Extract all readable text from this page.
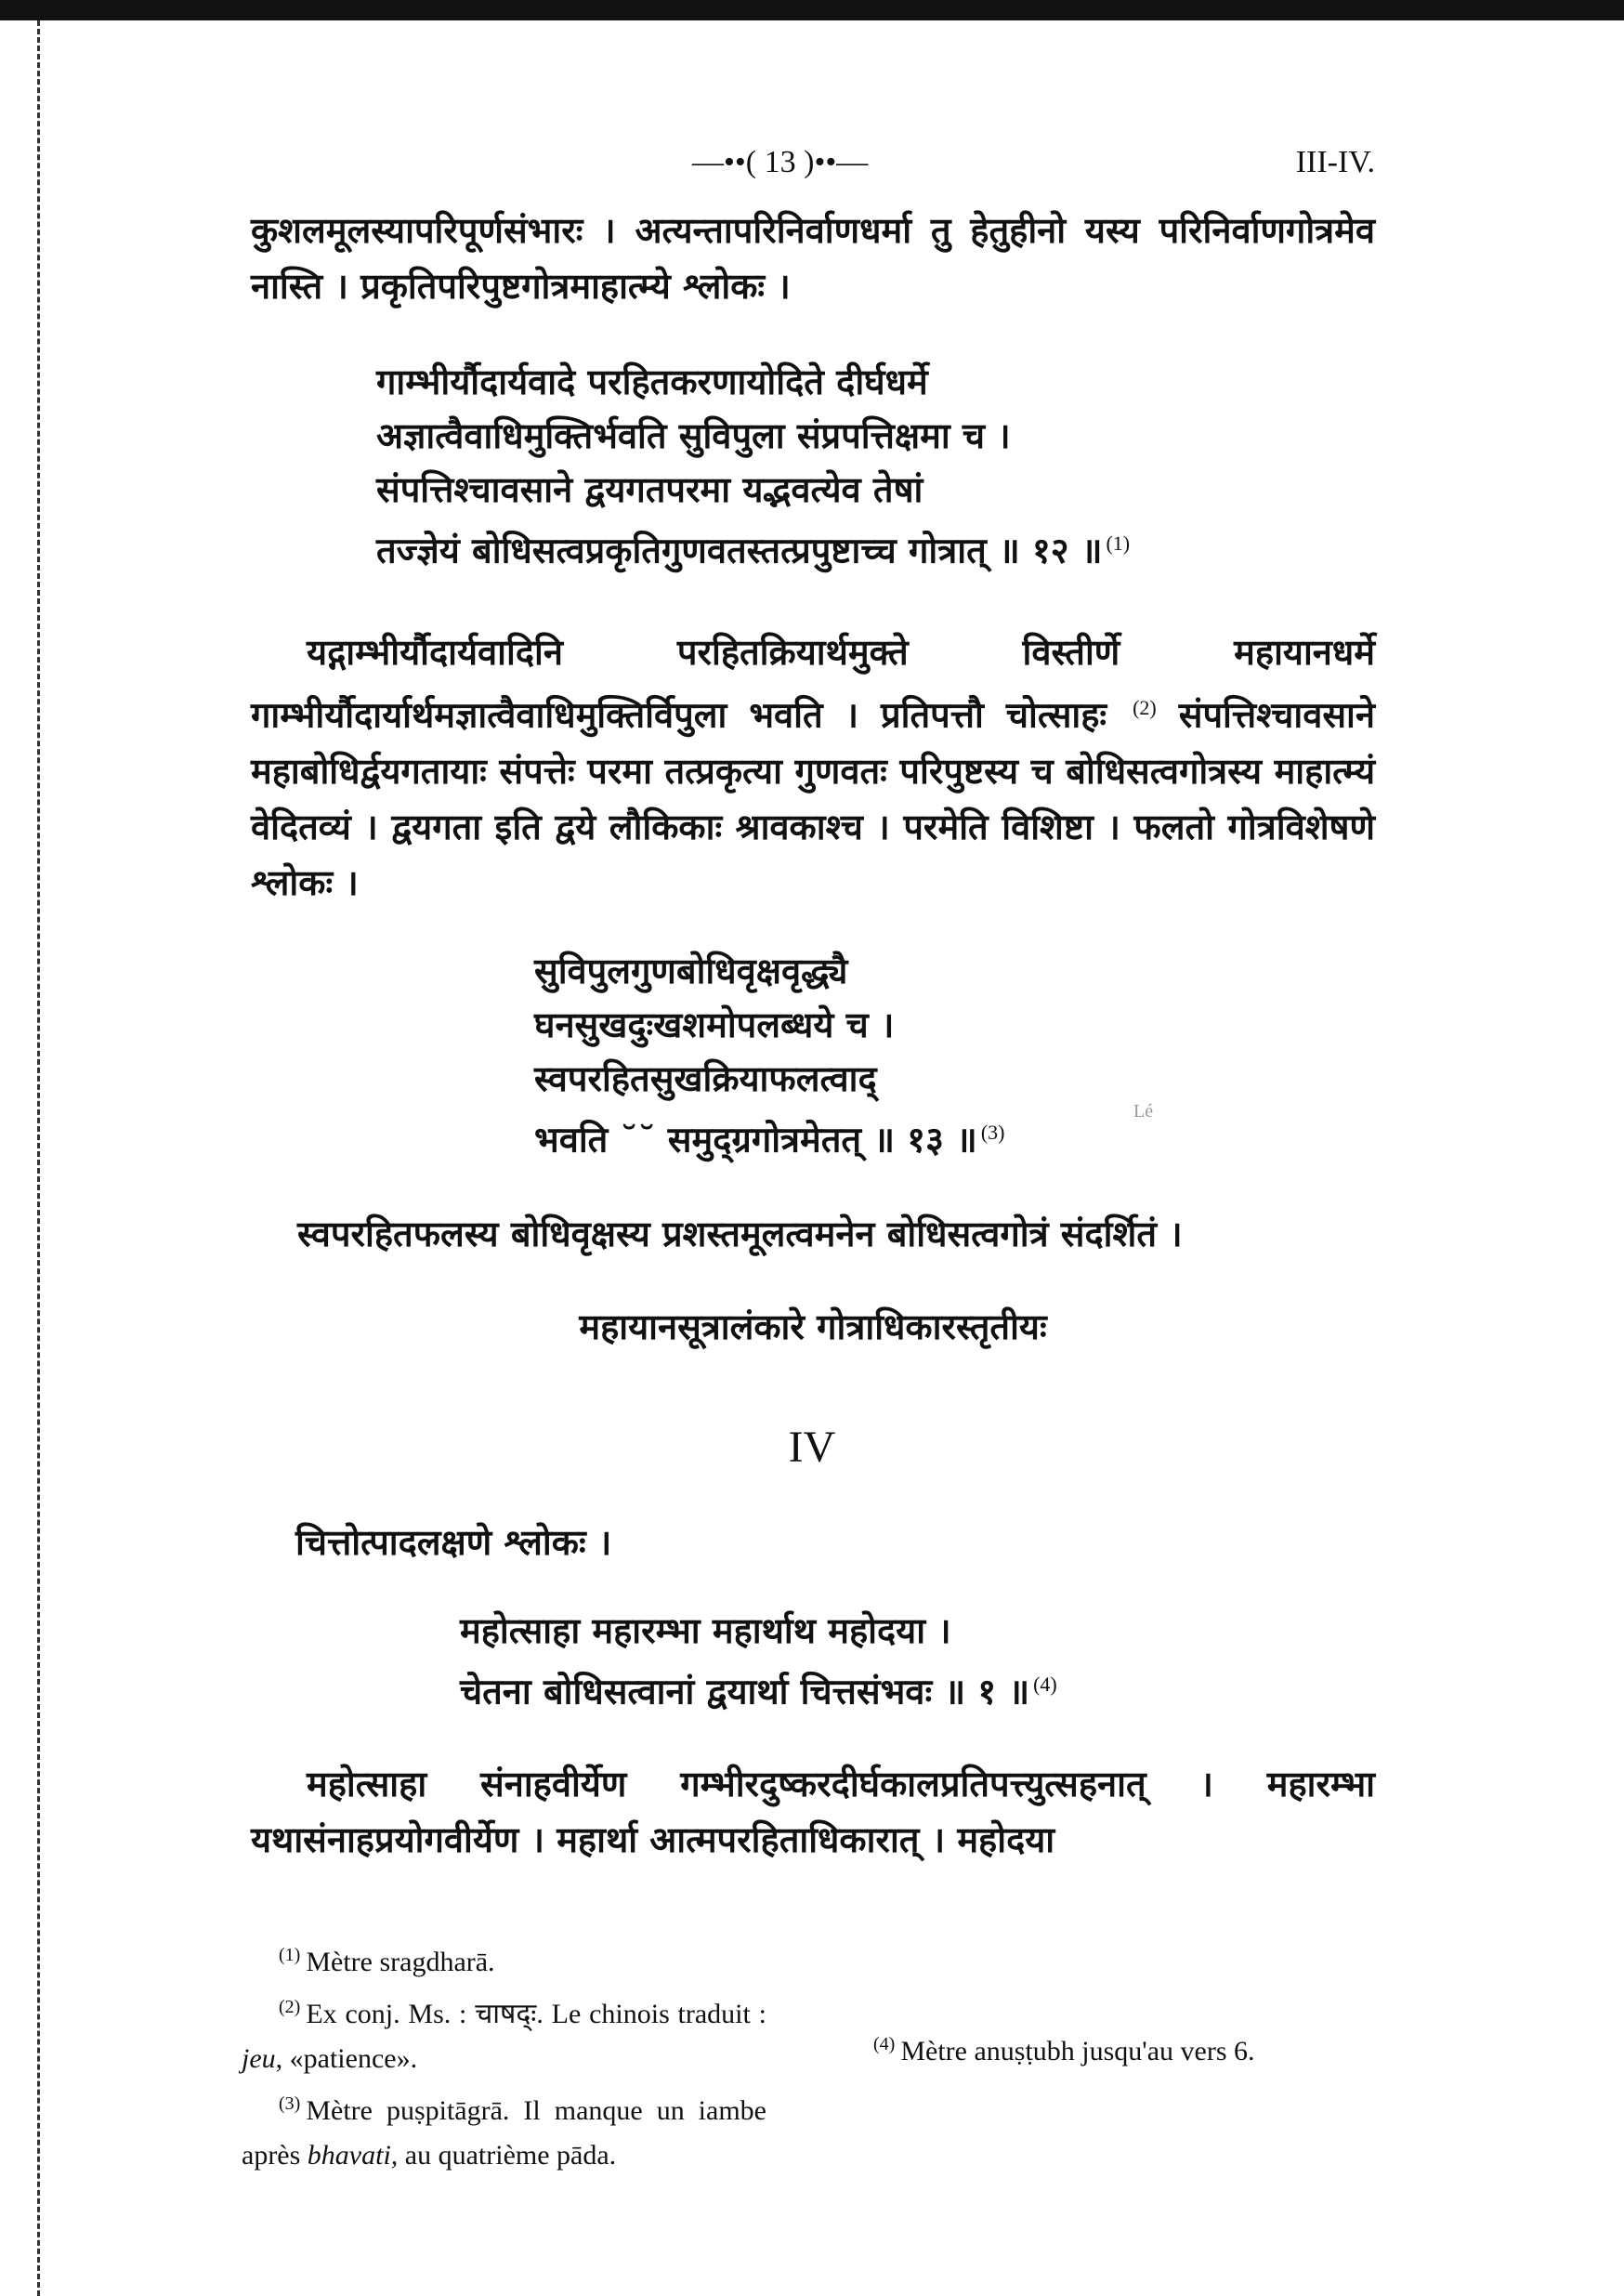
—••( 13 )••—	III-IV.
कुशलमूलस्यापरिपूर्णसंभारः । अत्यन्तापरिनिर्वाणधर्मा तु हेतुहीनो यस्य परिनिर्वाणगोत्रमेव नास्ति । प्रकृतिपरिपुष्टगोत्रमाहात्म्ये श्लोकः ।
गाम्भीर्यौदार्यवादे परहितकरणायोदिते दीर्घधर्मे
अज्ञात्वैवाधिमुक्तिर्भवति सुविपुला संप्रपत्तिक्षमा च ।
संपत्तिश्चावसाने द्वयगतपरमा यद्भवत्येव तेषां
तज्ज्ञेयं बोधिसत्वप्रकृतिगुणवतस्तत्प्रपुष्टाच्च गोत्रात् ॥ १२ ॥ $^{(1)}$
यद्गाम्भीर्यौदार्यवादिनि परहितक्रियार्थमुक्ते विस्तीर्णे महायानधर्मे गाम्भीर्यौदार्यार्थमज्ञात्वैवाधिमुक्तिर्विपुला भवति । प्रतिपत्तौ चोत्साहः $^{(2)}$ संपत्तिश्चावसाने महाबोधिर्द्वयगतायाः संपत्तेः परमा तत्प्रकृत्या गुणवतः परिपुष्टस्य च बोधिसत्वगोत्रस्य माहात्म्यं वेदितव्यं । द्वयगता इति द्वये लौकिकाः श्रावकाश्च । परमेति विशिष्टा । फलतो गोत्रविशेषणे श्लोकः ।
सुविपुलगुणबोधिवृक्षवृद्ध्यै
घनसुखदुःखशमोपलब्धये च ।
स्वपरहितसुखक्रियाफलत्वाद्
भवति ˘˘ समुद्ग्रगोत्रमेतत् ॥ १३ ॥ $^{(3)}$
Lé
स्वपरहितफलस्य बोधिवृक्षस्य प्रशस्तमूलत्वमनेन बोधिसत्वगोत्रं संदर्शितं ।
महायानसूत्रालंकारे गोत्राधिकारस्तृतीयः
IV
चित्तोत्पादलक्षणे श्लोकः ।
महोत्साहा महारम्भा महार्थाथ महोदया ।
चेतना बोधिसत्वानां द्वयार्था चित्तसंभवः ॥ १ ॥ $^{(4)}$
महोत्साहा संनाहवीर्येण गम्भीरदुष्करदीर्घकालप्रतिपत्त्युत्सहनात् । महारम्भा यथासंनाहप्रयोगवीर्येण । महार्था आत्मपरहिताधिकारात् । महोदया

$^{(1)}$ Mètre sragdharā.

$^{(2)}$ Ex conj. Ms. : चाषद्ः. Le chinois traduit : jeu, «patience».

$^{(3)}$ Mètre puṣpitāgrā. Il manque un iambe après bhavati, au quatrième pāda.

$^{(4)}$ Mètre anuṣṭubh jusqu'au vers 6.
